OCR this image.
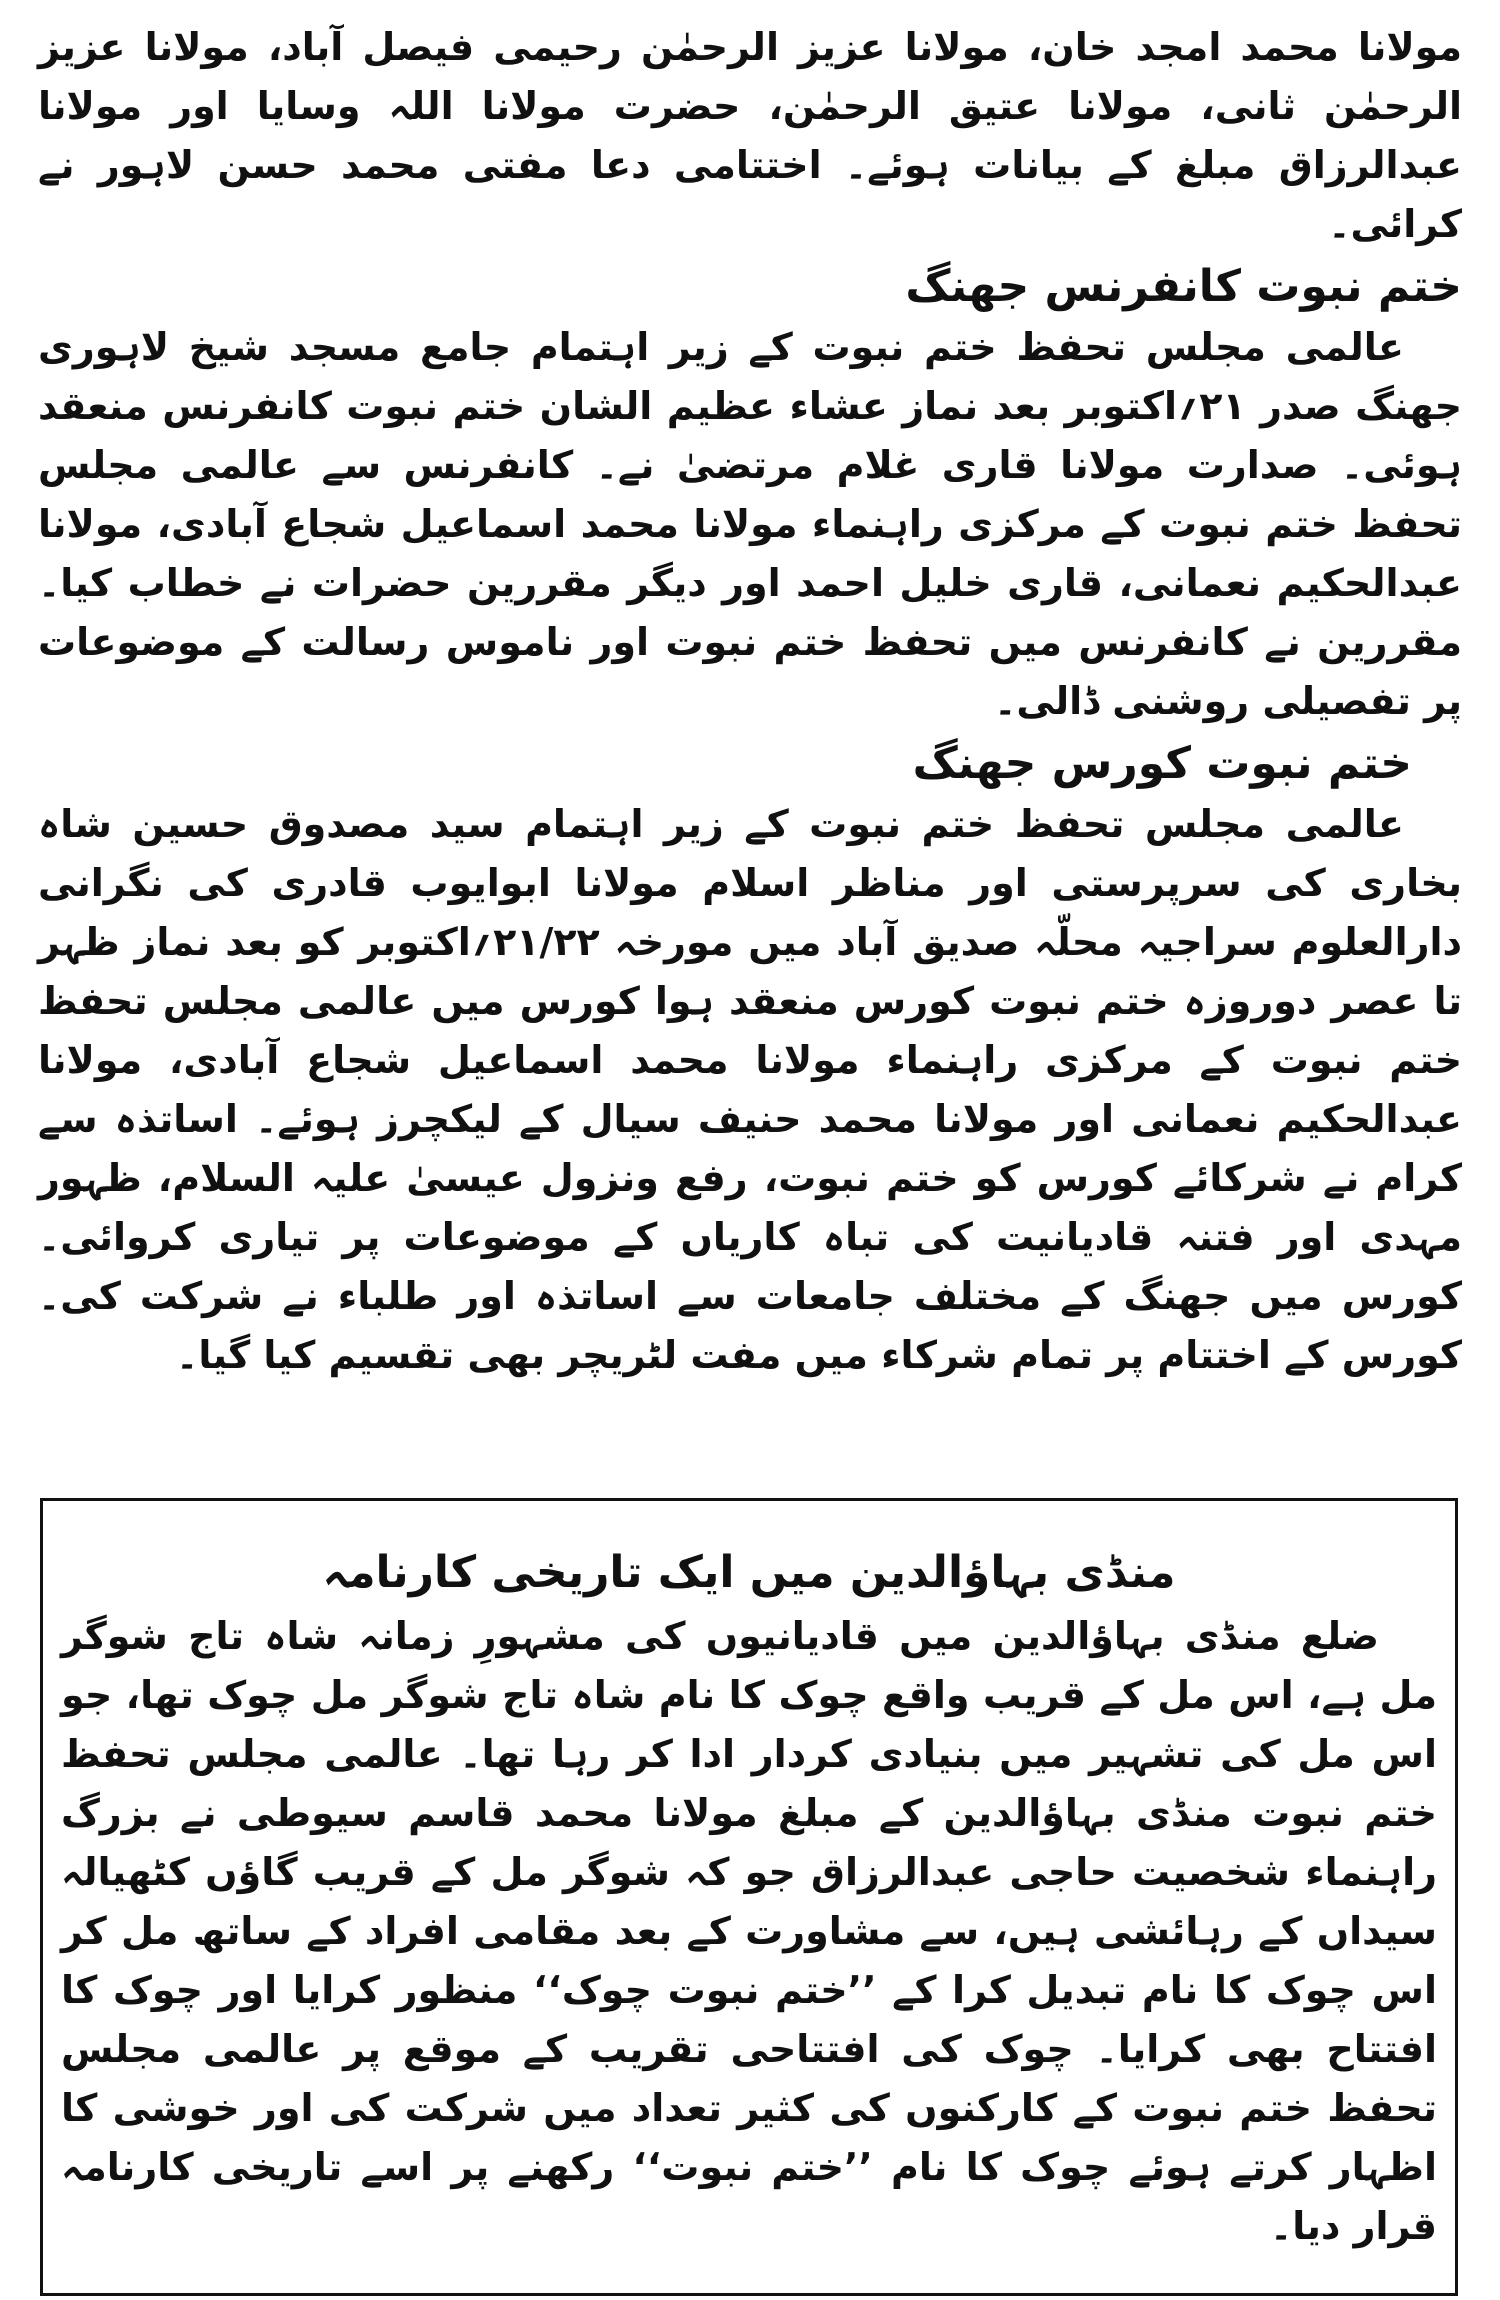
مولانا محمد امجد خان، مولانا عزیز الرحمٰن رحیمی فیصل آباد، مولانا عزیز الرحمٰن ثانی، مولانا عتیق الرحمٰن، حضرت مولانا اللہ وسایا اور مولانا عبدالرزاق مبلغ کے بیانات ہوئے۔ اختتامی دعا مفتی محمد حسن لاہور نے کرائی۔

ختم نبوت کانفرنس جھنگ

عالمی مجلس تحفظ ختم نبوت کے زیر اہتمام جامع مسجد شیخ لاہوری جھنگ صدر ۲۱؍اکتوبر بعد نماز عشاء عظیم الشان ختم نبوت کانفرنس منعقد ہوئی۔ صدارت مولانا قاری غلام مرتضیٰ نے۔ کانفرنس سے عالمی مجلس تحفظ ختم نبوت کے مرکزی راہنماء مولانا محمد اسماعیل شجاع آبادی، مولانا عبدالحکیم نعمانی، قاری خلیل احمد اور دیگر مقررین حضرات نے خطاب کیا۔ مقررین نے کانفرنس میں تحفظ ختم نبوت اور ناموس رسالت کے موضوعات پر تفصیلی روشنی ڈالی۔

ختم نبوت کورس جھنگ

عالمی مجلس تحفظ ختم نبوت کے زیر اہتمام سید مصدوق حسین شاہ بخاری کی سرپرستی اور مناظر اسلام مولانا ابوایوب قادری کی نگرانی دارالعلوم سراجیہ محلّہ صدیق آباد میں مورخہ ۲۱/۲۲؍اکتوبر کو بعد نماز ظہر تا عصر دوروزہ ختم نبوت کورس منعقد ہوا کورس میں عالمی مجلس تحفظ ختم نبوت کے مرکزی راہنماء مولانا محمد اسماعیل شجاع آبادی، مولانا عبدالحکیم نعمانی اور مولانا محمد حنیف سیال کے لیکچرز ہوئے۔ اساتذہ سے کرام نے شرکائے کورس کو ختم نبوت، رفع ونزول عیسیٰ علیہ السلام، ظہور مہدی اور فتنہ قادیانیت کی تباہ کاریاں کے موضوعات پر تیاری کروائی۔ کورس میں جھنگ کے مختلف جامعات سے اساتذہ اور طلباء نے شرکت کی۔ کورس کے اختتام پر تمام شرکاء میں مفت لٹریچر بھی تقسیم کیا گیا۔

منڈی بہاؤالدین میں ایک تاریخی کارنامہ

ضلع منڈی بہاؤالدین میں قادیانیوں کی مشہورِ زمانہ شاہ تاج شوگر مل ہے، اس مل کے قریب واقع چوک کا نام شاہ تاج شوگر مل چوک تھا، جو اس مل کی تشہیر میں بنیادی کردار ادا کر رہا تھا۔ عالمی مجلس تحفظ ختم نبوت منڈی بہاؤالدین کے مبلغ مولانا محمد قاسم سیوطی نے بزرگ راہنماء شخصیت حاجی عبدالرزاق جو کہ شوگر مل کے قریب گاؤں کٹھیالہ سیداں کے رہائشی ہیں، سے مشاورت کے بعد مقامی افراد کے ساتھ مل کر اس چوک کا نام تبدیل کرا کے ’’ختم نبوت چوک‘‘ منظور کرایا اور چوک کا افتتاح بھی کرایا۔ چوک کی افتتاحی تقریب کے موقع پر عالمی مجلس تحفظ ختم نبوت کے کارکنوں کی کثیر تعداد میں شرکت کی اور خوشی کا اظہار کرتے ہوئے چوک کا نام ’’ختم نبوت‘‘ رکھنے پر اسے تاریخی کارنامہ قرار دیا۔
